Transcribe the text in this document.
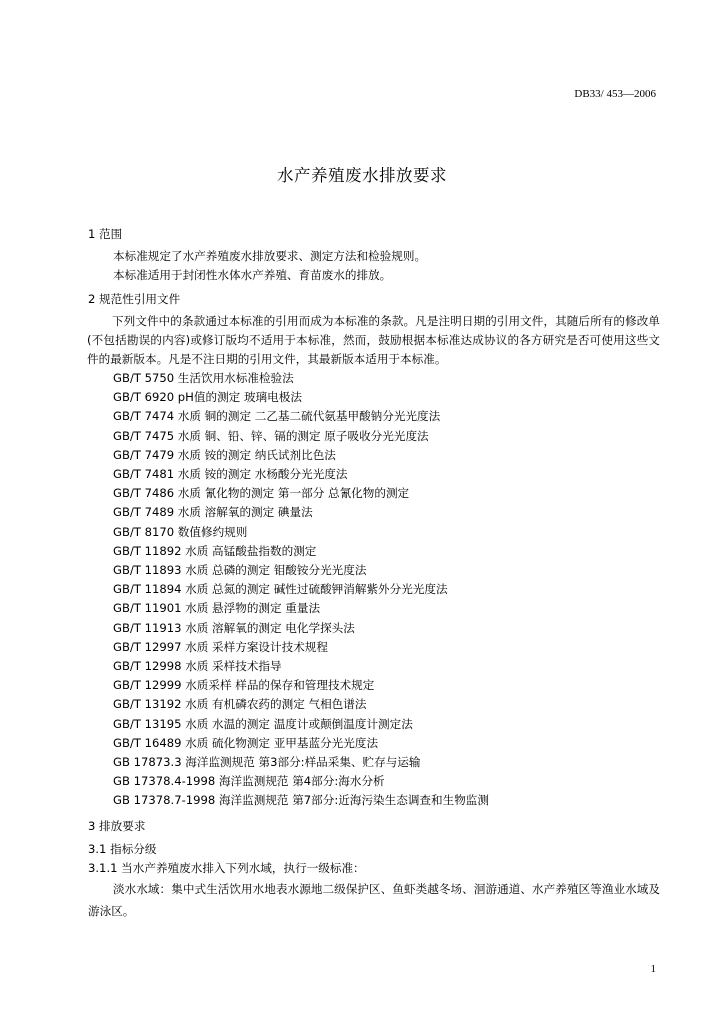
DB33/ 453—2006
水产养殖废水排放要求
1 范围
本标准规定了水产养殖废水排放要求、测定方法和检验规则。
本标准适用于封闭性水体水产养殖、育苗废水的排放。
2 规范性引用文件
下列文件中的条款通过本标准的引用而成为本标准的条款。凡是注明日期的引用文件，其随后所有的修改单(不包括勘误的内容)或修订版均不适用于本标准，然而，鼓励根据本标准达成协议的各方研究是否可使用这些文件的最新版本。凡是不注日期的引用文件，其最新版本适用于本标准。
GB/T 5750 生活饮用水标准检验法
GB/T 6920 pH值的测定 玻璃电极法
GB/T 7474 水质 铜的测定 二乙基二硫代氨基甲酸钠分光光度法
GB/T 7475 水质 铜、铅、锌、镉的测定 原子吸收分光光度法
GB/T 7479 水质 铵的测定 纳氏试剂比色法
GB/T 7481 水质 铵的测定 水杨酸分光光度法
GB/T 7486 水质 氰化物的测定 第一部分 总氰化物的测定
GB/T 7489 水质 溶解氧的测定 碘量法
GB/T 8170 数值修约规则
GB/T 11892 水质 高锰酸盐指数的测定
GB/T 11893 水质 总磷的测定 钼酸铵分光光度法
GB/T 11894 水质 总氮的测定 碱性过硫酸钾消解紫外分光光度法
GB/T 11901 水质 悬浮物的测定 重量法
GB/T 11913 水质 溶解氧的测定 电化学探头法
GB/T 12997 水质 采样方案设计技术规程
GB/T 12998 水质 采样技术指导
GB/T 12999 水质采样 样品的保存和管理技术规定
GB/T 13192 水质 有机磷农药的测定 气相色谱法
GB/T 13195 水质 水温的测定 温度计或颠倒温度计测定法
GB/T 16489 水质 硫化物测定 亚甲基蓝分光光度法
GB 17873.3 海洋监测规范 第3部分:样品采集、贮存与运输
GB 17378.4-1998 海洋监测规范 第4部分:海水分析
GB 17378.7-1998 海洋监测规范 第7部分:近海污染生态调查和生物监测
3 排放要求
3.1 指标分级
3.1.1 当水产养殖废水排入下列水域，执行一级标准：
淡水水域：集中式生活饮用水地表水源地二级保护区、鱼虾类越冬场、洄游通道、水产养殖区等渔业水域及游泳区。
1
